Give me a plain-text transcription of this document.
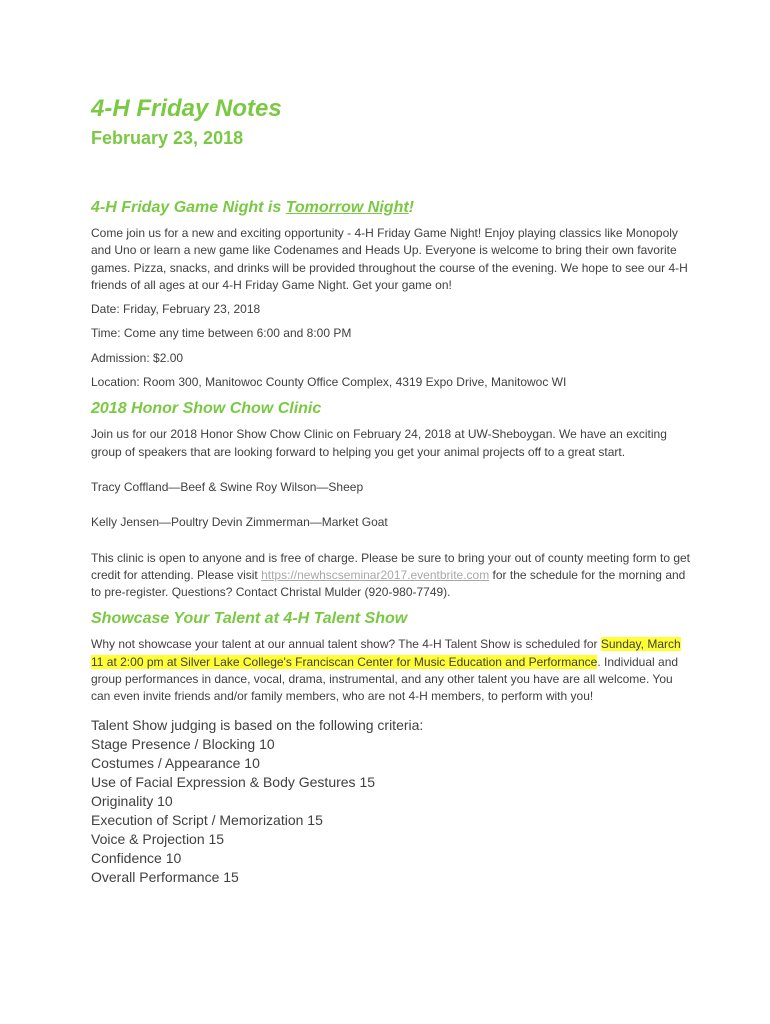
4-H Friday Notes
February 23, 2018
4-H Friday Game Night is Tomorrow Night!

Come join us for a new and exciting opportunity - 4-H Friday Game Night! Enjoy playing classics like Monopoly and Uno or learn a new game like Codenames and Heads Up. Everyone is welcome to bring their own favorite games. Pizza, snacks, and drinks will be provided throughout the course of the evening. We hope to see our 4-H friends of all ages at our 4-H Friday Game Night. Get your game on!

Date: Friday, February 23, 2018

Time: Come any time between 6:00 and 8:00 PM

Admission: $2.00

Location: Room 300, Manitowoc County Office Complex, 4319 Expo Drive, Manitowoc WI

2018 Honor Show Chow Clinic

Join us for our 2018 Honor Show Chow Clinic on February 24, 2018 at UW-Sheboygan. We have an exciting group of speakers that are looking forward to helping you get your animal projects off to a great start.

Tracy Coffland—Beef & Swine Roy Wilson—Sheep

Kelly Jensen—Poultry Devin Zimmerman—Market Goat

This clinic is open to anyone and is free of charge. Please be sure to bring your out of county meeting form to get credit for attending. Please visit https://newhscseminar2017.eventbrite.com for the schedule for the morning and to pre-register. Questions? Contact Christal Mulder (920-980-7749).

Showcase Your Talent at 4-H Talent Show

Why not showcase your talent at our annual talent show? The 4-H Talent Show is scheduled for Sunday, March 11 at 2:00 pm at Silver Lake College's Franciscan Center for Music Education and Performance. Individual and group performances in dance, vocal, drama, instrumental, and any other talent you have are all welcome. You can even invite friends and/or family members, who are not 4-H members, to perform with you!

Talent Show judging is based on the following criteria:
Stage Presence / Blocking 10
Costumes / Appearance 10
Use of Facial Expression & Body Gestures 15
Originality 10
Execution of Script / Memorization 15
Voice & Projection 15
Confidence 10
Overall Performance 15
